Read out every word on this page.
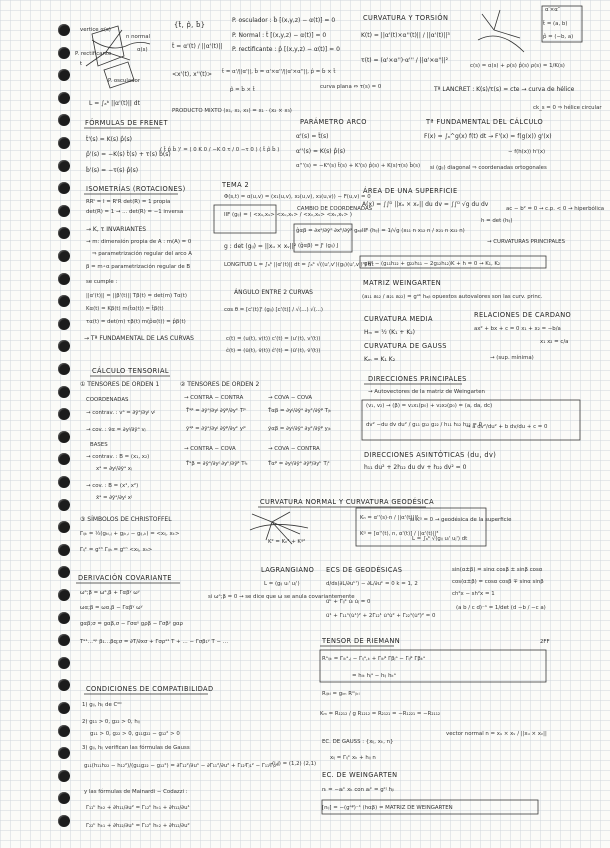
vertice α(s)
n normal
α(s)
P. rectificante
t
P. osculador
L = ∫ₐᵇ ||α'(t)|| dt
{t̂, p̂, b̂}
t̂ = α'(t) / ||α'(t)||
<x'(t), x''(t)> t̂ = α'/||α'||, b̂ = α'×α''/||α'×α''||, p̂ = b̂ × t̂
p̂ = b̂ × t̂
P. osculador : b̂ [(x,y,z) − α(t)] = 0
P. Normal : t̂ [(x,y,z) − α(t)] = 0
P. rectificante : p̂ [(x,y,z) − α(t)] = 0
CURVATURA Y TORSIÓN
K(t) = ||α'(t)×α''(t)|| / ||α'(t)||³
τ(t) = (α'×α'')·α''' / ||α'×α''||²
c(s) = α(s) + ρ(s) p̂(s) ρ(s) = 1/K(s)
curva plana ⇔ τ(s) = 0	Tª LANCRET : K(s)/τ(s) = cte → curva de hélice
ck_s = 0 ⇒ hélice circular
α′×α″
t̂ = (a, b)
p̂ = (−b, a)
FÓRMULAS DE FRENET
t̂'(s) = K(s) p̂(s)
p̂'(s) = −K(s) t̂(s) + τ(s) b̂(s)
b̂'(s) = −τ(s) p̂(s)
( t̂ p̂ b̂ )' = ( 0 K 0 / −K 0 τ / 0 −τ 0 ) ( t̂ p̂ b̂ )
PRODUCTO MIXTO (x₁, x₂, x₃) = x₁ · (x₂ × x₃)
PARÁMETRO ARCO
α'(s) = t̂(s)
α''(s) = K(s) p̂(s)
α'''(s) = −K²(s) t̂(s) + K'(s) p̂(s) + K(s)τ(s) b̂(s)
Tª FUNDAMENTAL DEL CÁLCULO
F(x) = ∫ₐ^g(x) f(t) dt → F'(x) = f(g(x)) g'(x)
− f(h(x)) h'(x)
si (gᵢⱼ) diagonal ⇒ coordenadas ortogonales
ISOMETRÍAS (ROTACIONES)
RRᵗ = I = RᵗR det(R) = 1 propia
det(R) = 1 → ... det(R) = −1 inversa
→ K, τ INVARIANTES
→ m: dimensión propia de A : m(A) = 0
⇒ parametrización regular del arco A
β = m∘α parametrización regular de B
se cumple :
||α'(t)|| = ||β'(t)|| Tβ(t) = det(m) Tα(t)
Kα(t) = Kβ(t) m(t̂α(t)) = t̂β(t)
τα(t) = det(m) τβ(t) m(p̂α(t)) = p̂β(t)
→ Tª FUNDAMENTAL DE LAS CURVAS
TEMA 2
Φ(s,t) = α(u,v) = (x₁(u,v), x₂(u,v), x₃(u,v)) − F(u,v) = 0
IIF (gᵢⱼ) = ( <xᵤ,xᵤ> <xᵤ,xᵥ> / <xᵥ,xᵤ> <xᵥ,xᵥ> )
g : det (gᵢⱼ) = ||xᵤ × xᵥ||²
LONGITUD L = ∫ₐᵇ ||α'(t)|| dt = ∫ₐᵇ √((u',v')(gᵢⱼ)(u',v')ᵗ) dt
CAMBIO DE COORDENADAS
ĝαβ = ∂xᵃ/∂ȳᵅ ∂xᵇ/∂ȳᵝ gₐᵦ
(ĝαβ) = Jᵗ (gᵢⱼ) J
ÁNGULO ENTRE 2 CURVAS
cos θ = [c'(t)]ᵗ (gᵢⱼ) [c'(t)] / √(...) √(...)
c(t) = (u(t), v(t)) c'(t) = (u'(t), v'(t))
ĉ(t) = (ũ(t), ṽ(t)) ĉ'(t) = (ũ'(t), ṽ'(t))
ÁREA DE UNA SUPERFICIE
A(x) = ∫∫ᴰ ||xᵤ × xᵥ|| du dv = ∫∫ᴰ √g du dv
IIF (hᵢⱼ) = 1/√g (x₁₁ n x₁₂ n / x₂₁ n x₂₂ n)
h = det (hᵢⱼ)
ac − b² = 0 → c.p. < 0 → hiperbólica
→ CURVATURAS PRINCIPALES
gK² − (g₁₁h₂₂ + g₂₂h₁₁ − 2g₁₂h₁₂)K + h = 0 → K₁, K₂
MATRIZ WEINGARTEN
(a₁₁ a₁₂ / a₂₁ a₂₂) = gᵃᵇ hₐᵦ opuestos autovalores son las curv. princ.
CURVATURA MEDIA
Hₘ = ½ (K₁ + K₂)
CURVATURA DE GAUSS
Kₘ = K₁ K₂
RELACIONES DE CARDANO
ax² + bx + c = 0 x₁ + x₂ = −b/a
x₁ x₂ = c/a
→ (sup. mínima)
CÁLCULO TENSORIAL
① TENSORES DE ORDEN 1
COORDENADAS
→ contrav. : vᵃ = ∂ȳᵃ/∂yʲ vʲ
→ cov. : v̄α = ∂yʲ/∂ȳᵃ vⱼ
BASES
→ contrav. : B = (x₁, x₂)
xᵃ = ∂yʲ/∂ȳᵃ xⱼ
→ cov. : B = (x¹, x²)
x̄ᵃ = ∂ȳᵃ/∂yʲ xʲ
② TENSORES DE ORDEN 2
→ CONTRA − CONTRA
T̄ᵃᵝ = ∂ȳᵃ/∂yʲ ∂ȳᵝ/∂yᵏ Tʲᵏ
→ COVA − COVA
T̄αβ = ∂yʲ/∂ȳᵃ ∂yᵏ/∂ȳᵝ Tⱼₖ
ȳᵃᵝ = ∂ȳᵃ/∂yʲ ∂ȳᵝ/∂yᵏ yʲᵏ	ỹαβ = ∂yʲ/∂ȳᵃ ∂yᵏ/∂ȳᵝ yⱼₖ
→ CONTRA − COVA
T̄ᵃβ = ∂ȳᵃ/∂yʲ ∂yᵏ/∂ȳᵝ Tʲₖ
→ COVA − CONTRA
T̄αᵝ = ∂yʲ/∂ȳᵃ ∂ȳᵝ/∂yᵏ Tⱼᵏ
DIRECCIONES PRINCIPALES
→ Autovectores de la matriz de Weingarten
(v₁, v₂) → (β) = v₁x₁(p₀) + v₂x₂(p₀) = (a, da, dc)
dv² −du dv du² / g₁₁ g₁₂ g₂₂ / h₁₁ h₁₂ h₂₂ = 0
→ a dv²/du² + b dv/du + c = 0
DIRECCIONES ASINTÓTICAS (du, dv)
h₁₁ du² + 2h₁₂ du dv + h₂₂ dv² = 0
③ SÍMBOLOS DE CHRISTOFFEL
Γᵢⱼₖ = ½(gₖᵢ,ⱼ + gⱼₖ,ᵢ − gᵢⱼ,ₖ) = <xᵢⱼ, xₖ>
Γᵢⱼᵏ = gᵏʰ Γᵢⱼₕ = gᵏʰ <xᵢⱼ, xₕ>
CURVATURA NORMAL Y CURVATURA GEODÉSICA
Kₙ = α''(s)·n / ||α'(t)||²
si Kᵍ = 0 → geodésica de la superficie
Kᵍ = [α''(t), n, α'(t)] / ||α'(t)||³
L = ∫ₐᵇ √(gᵢⱼ uᵢ' uⱼ') dt
K² = Kₙ² + Kᵍ²
DERIVACIÓN COVARIANTE
ωᵃ;β = ωᵃ,β + Γαβᵞ ωᵞ
ωα;β = ωα,β − Γαβᵞ ωᵞ
gαβ;σ = gαβ,σ − Γσαᵞ gρβ − Γσβᵞ gαρ
Tᵃ¹…ᵃᵖ β₁…βq;σ = ∂T/∂xσ + Γσρᵃ¹ T + … − Γσβ₁ᵞ T − …
si ωᵃ;β = 0 → se dice que ω se anula covariantemente
LAGRANGIANO
L = (gᵢⱼ uᵢ' uⱼ')
ECS DE GEODÉSICAS
d/ds(∂L/∂uᵏ') − ∂L/∂uᵏ = 0 k = 1, 2
üᵏ + Γᵢⱼᵏ u̇ᵢ u̇ⱼ = 0
ü¹ + Γ₁₁¹(u̇¹)² + 2Γ₁₂¹ u̇¹u̇² + Γ₂₂¹(u̇²)² = 0
sin(α±β) = sinα cosβ ± sinβ cosα
cos(α±β) = cosα cosβ ∓ sinα sinβ
ch²x − sh²x = 1
(a b / c d)⁻¹ = 1/det (d −b / −c a)
CONDICIONES DE COMPATIBILIDAD
1) gᵢⱼ, hᵢⱼ de C⁰⁰
2) g₁₁ > 0, g₂₂ > 0, hᵢⱼ
g₁₁ > 0, g₂₂ > 0, g₁₁g₂₂ − g₁₂² > 0
3) gᵢⱼ, hᵢⱼ verifican las fórmulas de Gauss
g₁₁(h₁₁h₂₂ − h₁₂²)/(g₁₁g₂₂ − g₁₂²) = ∂Γ₁₂²/∂u¹ − ∂Γ₁₁²/∂u² + Γ₁₂ʲΓⱼ₁² − Γ₁₁ʲΓⱼ₂²
(i,j) = (1,2) (2,1)
y las fórmulas de Mainardi − Codazzi :
Γ₁₁ᵏ hₖ₂ + ∂h₁₁/∂u² = Γ₁₂ᵏ hₖ₁ + ∂h₁₂/∂u¹
Γ₂₂ᵏ hₖ₁ + ∂h₂₂/∂u¹ = Γ₁₂ᵏ hₖ₂ + ∂h₁₂/∂u²
TENSOR DE RIEMANN
Rᵃᵢⱼₖ = Γᵢₖᵃ,ⱼ − Γᵢⱼᵃ,ₖ + Γᵢₖᵝ Γβⱼᵃ − Γᵢⱼᵝ Γβₖᵃ
= hᵢₖ hⱼᵃ − hᵢⱼ hₖᵃ
2FF
Rᵢⱼₖₗ = gᵢₘ Rᵐⱼₖₗ
Kₘ = R₁₂₁₂ / g R₁₂₁₂ = R₂₁₂₁ = −R₁₂₂₁ = −R₂₁₁₂
vector normal n = xᵤ × xᵥ / ||xᵤ × xᵥ||
EC. DE GAUSS : {xᵢⱼ, xₖ, n}
xᵢⱼ = Γᵢⱼᵏ xₖ + hᵢⱼ n
EC. DE WEINGARTEN
nᵢ = −aᵢᵏ xₖ con aᵢᵏ = gᵏʲ hⱼᵢ
[nᵢⱼ] = −(gᵃᵝ)⁻¹ (hαβ) = MATRIZ DE WEINGARTEN
